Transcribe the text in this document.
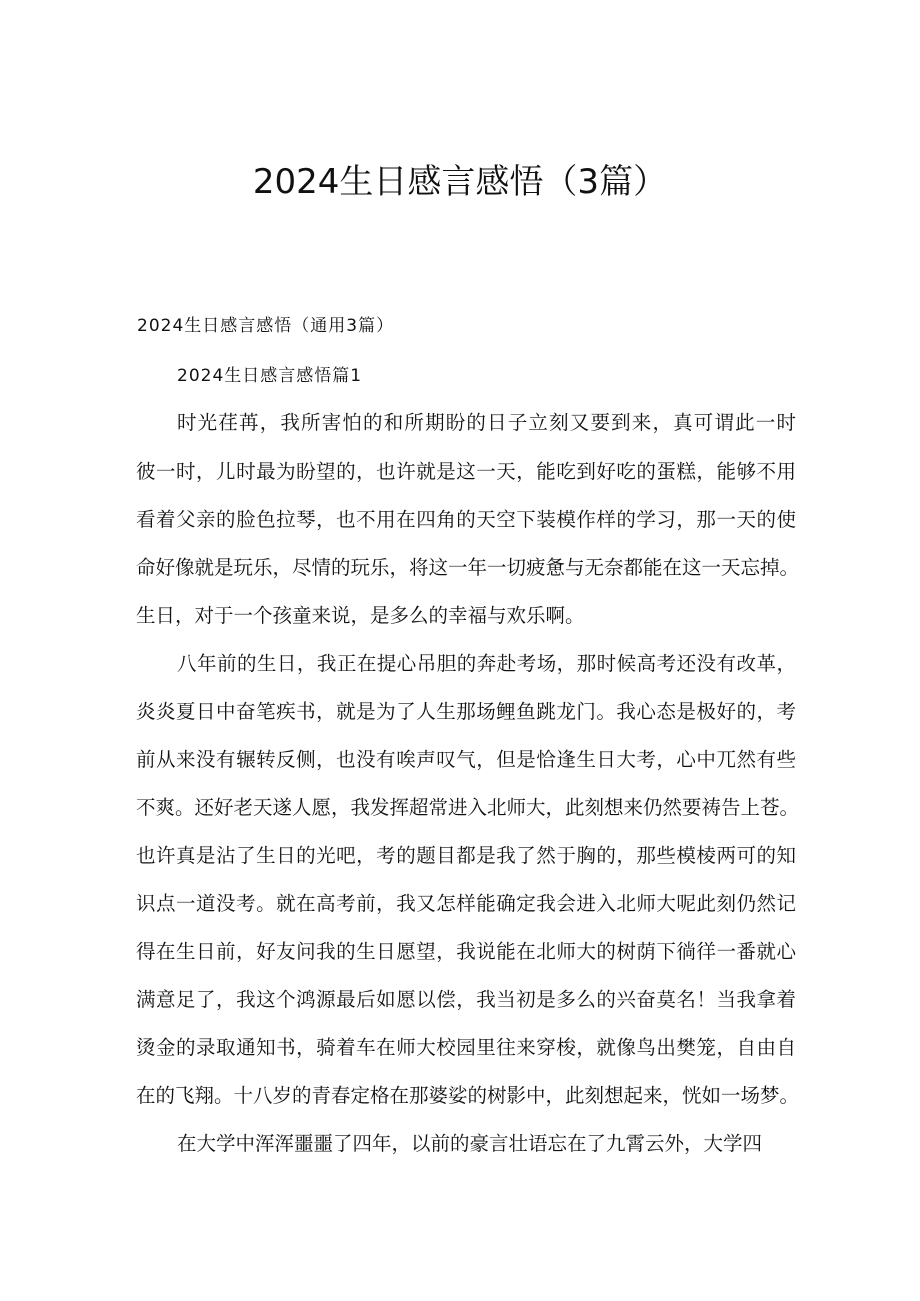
2024生日感言感悟（3篇）
2024生日感言感悟（通用3篇）
2024生日感言感悟篇1
时光荏苒，我所害怕的和所期盼的日子立刻又要到来，真可谓此一时
彼一时，儿时最为盼望的，也许就是这一天，能吃到好吃的蛋糕，能够不用
看着父亲的脸色拉琴，也不用在四角的天空下装模作样的学习，那一天的使
命好像就是玩乐，尽情的玩乐，将这一年一切疲惫与无奈都能在这一天忘掉。
生日，对于一个孩童来说，是多么的幸福与欢乐啊。
八年前的生日，我正在提心吊胆的奔赴考场，那时候高考还没有改革，
炎炎夏日中奋笔疾书，就是为了人生那场鲤鱼跳龙门。我心态是极好的，考
前从来没有辗转反侧，也没有唉声叹气，但是恰逢生日大考，心中兀然有些
不爽。还好老天遂人愿，我发挥超常进入北师大，此刻想来仍然要祷告上苍。
也许真是沾了生日的光吧，考的题目都是我了然于胸的，那些模棱两可的知
识点一道没考。就在高考前，我又怎样能确定我会进入北师大呢此刻仍然记
得在生日前，好友问我的生日愿望，我说能在北师大的树荫下徜徉一番就心
满意足了，我这个鸿源最后如愿以偿，我当初是多么的兴奋莫名！当我拿着
烫金的录取通知书，骑着车在师大校园里往来穿梭，就像鸟出樊笼，自由自
在的飞翔。十八岁的青春定格在那婆娑的树影中，此刻想起来，恍如一场梦。
在大学中浑浑噩噩了四年，以前的豪言壮语忘在了九霄云外，大学四
